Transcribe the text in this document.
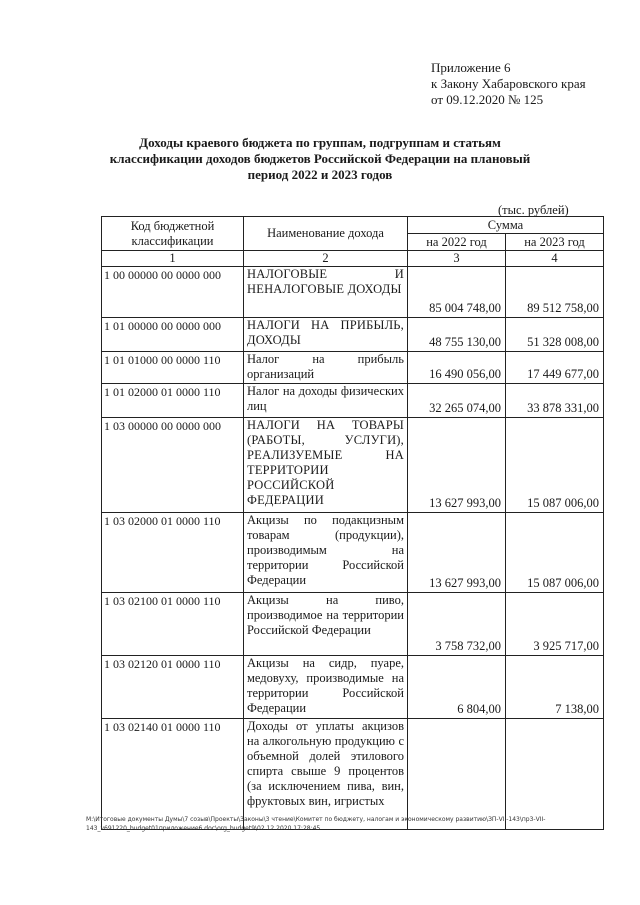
Приложение 6
к Закону Хабаровского края
от 09.12.2020 № 125
Доходы краевого бюджета по группам, подгруппам и статьям классификации доходов бюджетов Российской Федерации на плановый период 2022 и 2023 годов
(тыс. рублей)
Код бюджетной классификации	Наименование дохода	Сумма	
		на 2022 год	на 2023 год
1	2	3	4
1 00 00000 00 0000 000	НАЛОГОВЫЕ И НЕНАЛОГОВЫЕ ДОХОДЫ	85 004 748,00	89 512 758,00
1 01 00000 00 0000 000	НАЛОГИ НА ПРИБЫЛЬ, ДОХОДЫ	48 755 130,00	51 328 008,00
1 01 01000 00 0000 110	Налог на прибыль организаций	16 490 056,00	17 449 677,00
1 01 02000 01 0000 110	Налог на доходы физических лиц	32 265 074,00	33 878 331,00
1 03 00000 00 0000 000	НАЛОГИ НА ТОВАРЫ (РАБОТЫ, УСЛУГИ), РЕАЛИЗУЕМЫЕ НА ТЕРРИТОРИИ РОССИЙСКОЙ ФЕДЕРАЦИИ	13 627 993,00	15 087 006,00
1 03 02000 01 0000 110	Акцизы по подакцизным товарам (продукции), производимым на территории Российской Федерации	13 627 993,00	15 087 006,00
1 03 02100 01 0000 110	Акцизы на пиво, производимое на территории Российской Федерации	3 758 732,00	3 925 717,00
1 03 02120 01 0000 110	Акцизы на сидр, пуаре, медовуху, производимые на территории Российской Федерации	6 804,00	7 138,00
1 03 02140 01 0000 110	Доходы от уплаты акцизов на алкогольную продукцию с объемной долей этилового спирта свыше 9 процентов (за исключением пива, вин, фруктовых вин, игристых		
M:\Итоговые документы Думы\7 созыв\Проекты\Законы\3 чтение\Комитет по бюджету, налогам и экономическому развитию\ЗП-VII-143\пр3-VII-143_v691220_budget01приложение6.doc\org_budget9\02.12.2020 17:28:45
